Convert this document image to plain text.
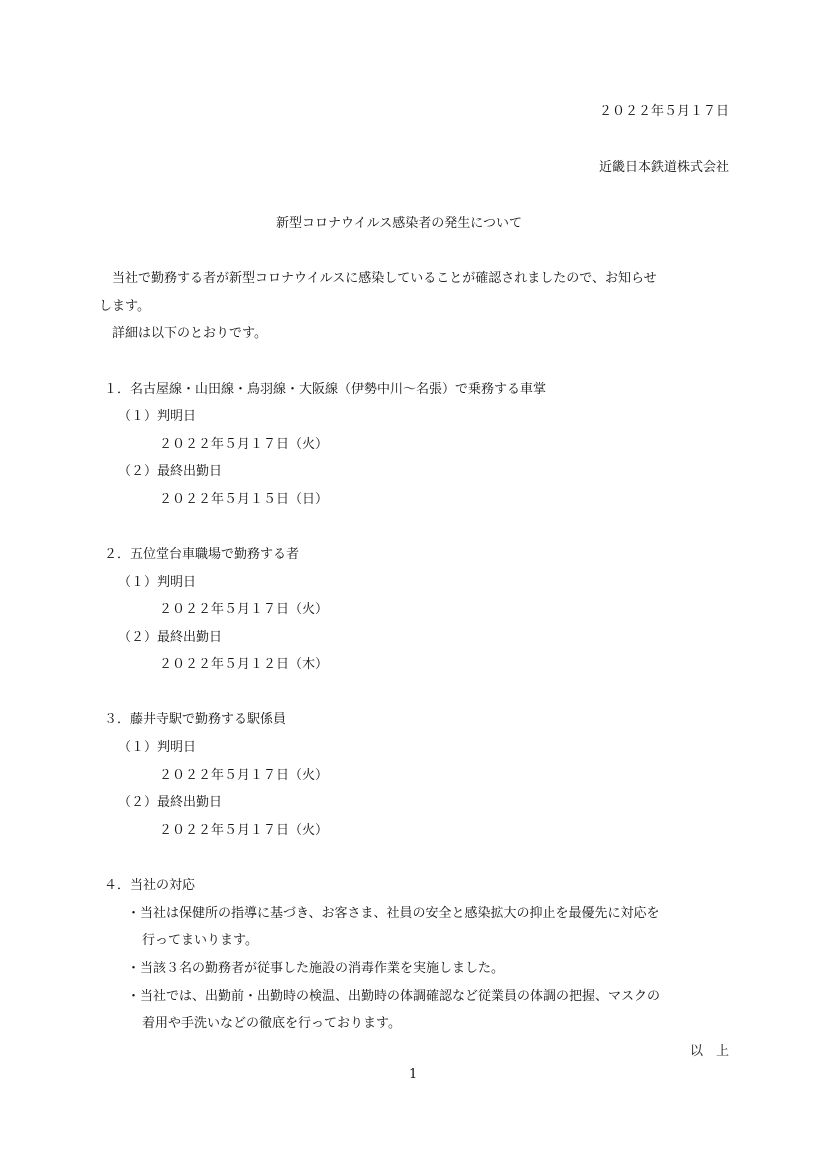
２０２２年５月１７日
近畿日本鉄道株式会社
新型コロナウイルス感染者の発生について
当社で勤務する者が新型コロナウイルスに感染していることが確認されましたので、お知らせ
します。
詳細は以下のとおりです。
１．名古屋線・山田線・鳥羽線・大阪線（伊勢中川～名張）で乗務する車掌
（１）判明日
２０２２年５月１７日（火）
（２）最終出勤日
２０２２年５月１５日（日）
２．五位堂台車職場で勤務する者
（１）判明日
２０２２年５月１７日（火）
（２）最終出勤日
２０２２年５月１２日（木）
３．藤井寺駅で勤務する駅係員
（１）判明日
２０２２年５月１７日（火）
（２）最終出勤日
２０２２年５月１７日（火）
４．当社の対応
・当社は保健所の指導に基づき、お客さま、社員の安全と感染拡大の抑止を最優先に対応を
行ってまいります。
・当該３名の勤務者が従事した施設の消毒作業を実施しました。
・当社では、出勤前・出勤時の検温、出勤時の体調確認など従業員の体調の把握、マスクの
着用や手洗いなどの徹底を行っております。
以　上
1
